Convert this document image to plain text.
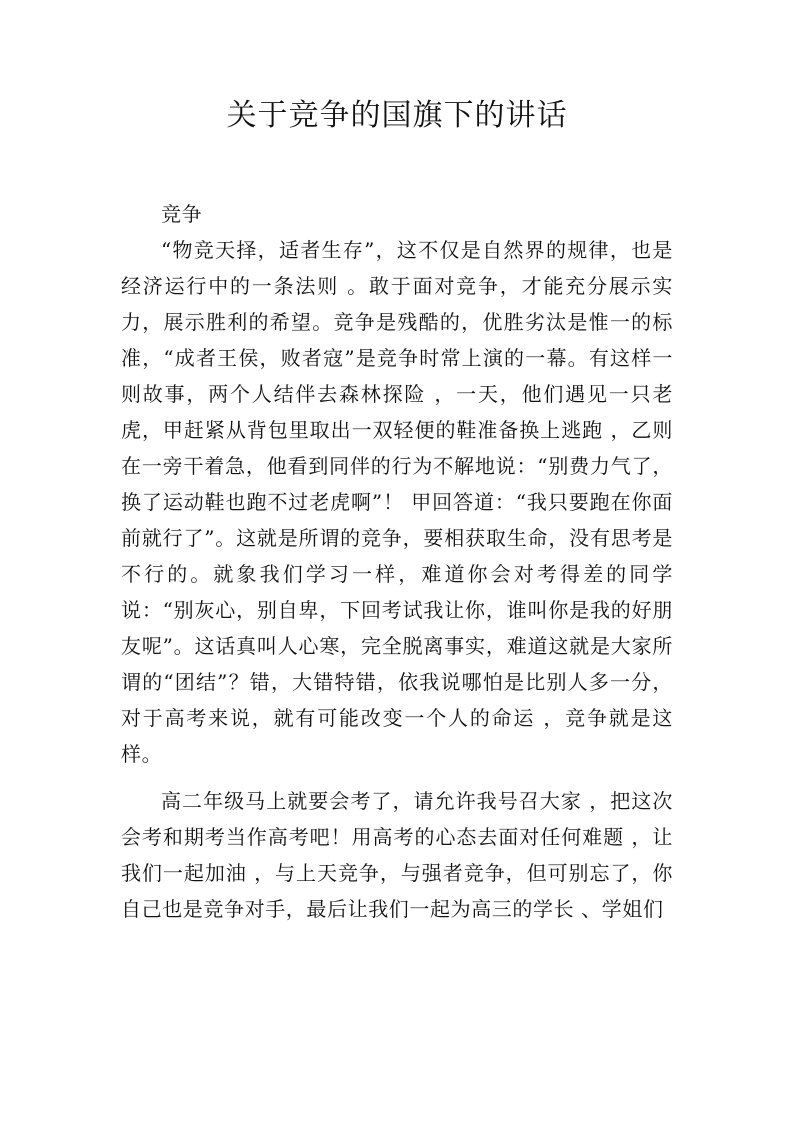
关于竞争的国旗下的讲话

竞争

“物竞天择，适者生存”，这不仅是自然界的规律，也是经济运行中的一条法则 。敢于面对竞争，才能充分展示实力，展示胜利的希望。竞争是残酷的，优胜劣汰是惟一的标准，“成者王侯，败者寇”是竞争时常上演的一幕。有这样一则故事，两个人结伴去森林探险 ，一天，他们遇见一只老虎，甲赶紧从背包里取出一双轻便的鞋准备换上逃跑 ，乙则在一旁干着急，他看到同伴的行为不解地说：“别费力气了，换了运动鞋也跑不过老虎啊”！ 甲回答道：“我只要跑在你面前就行了”。这就是所谓的竞争，要相获取生命，没有思考是不行的。就象我们学习一样，难道你会对考得差的同学说：“别灰心，别自卑，下回考试我让你，谁叫你是我的好朋友呢”。这话真叫人心寒，完全脱离事实，难道这就是大家所谓的“团结”？错，大错特错，依我说哪怕是比别人多一分，对于高考来说，就有可能改变一个人的命运 ，竞争就是这样。

高二年级马上就要会考了，请允许我号召大家 ，把这次会考和期考当作高考吧！用高考的心态去面对任何难题 ，让我们一起加油 ，与上天竞争，与强者竞争，但可别忘了，你自己也是竞争对手，最后让我们一起为高三的学长 、学姐们
